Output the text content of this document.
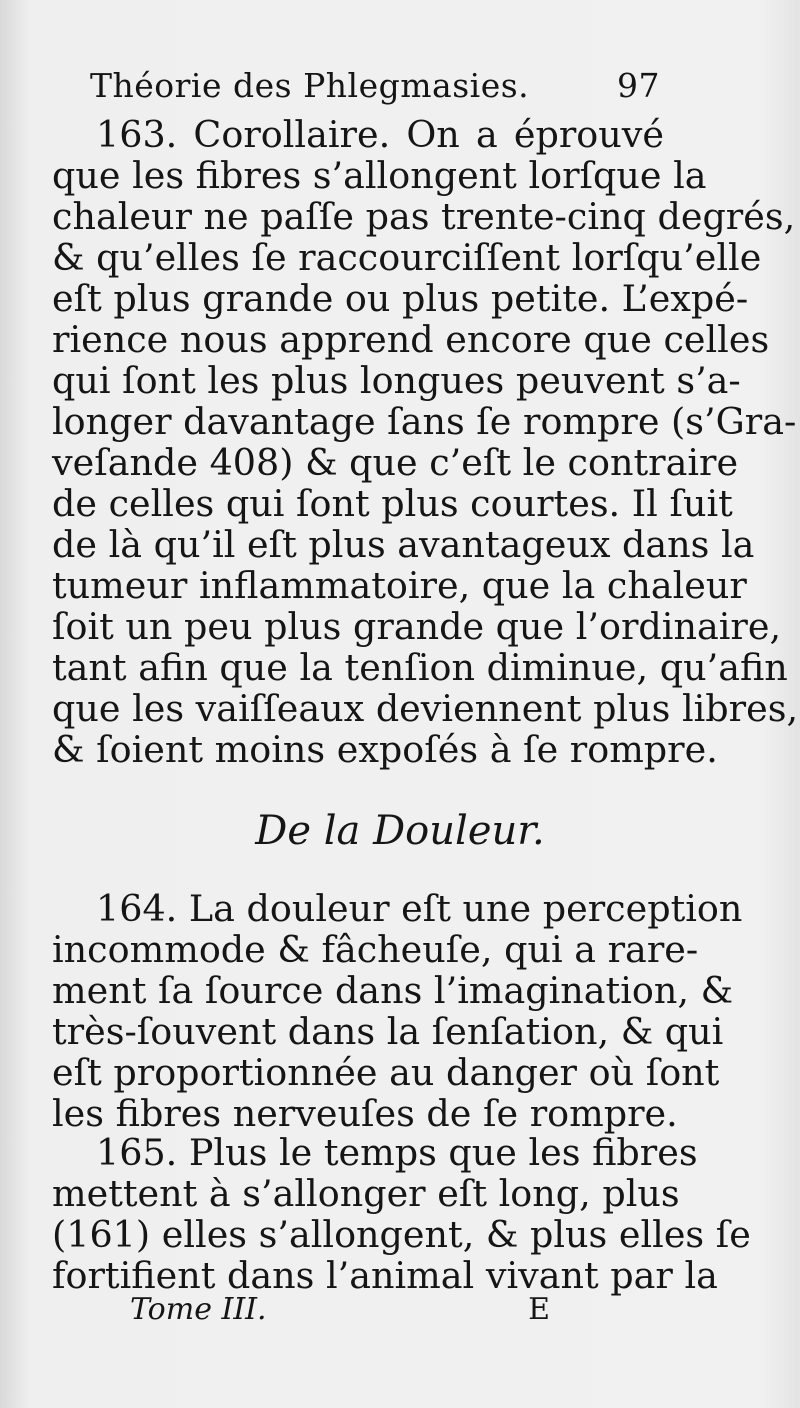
Théorie des Phlegmasies.	97
163. Corollaire. On a éprouvé
que les fibres s’allongent lorſque la
chaleur ne paſſe pas trente-cinq degrés,
& qu’elles ſe raccourciſſent lorſqu’elle
eſt plus grande ou plus petite. L’expé-
rience nous apprend encore que celles
qui ſont les plus longues peuvent s’a-
longer davantage ſans ſe rompre (s’Gra-
veſande 408) & que c’eſt le contraire
de celles qui ſont plus courtes. Il ſuit
de là qu’il eſt plus avantageux dans la
tumeur inflammatoire, que la chaleur
ſoit un peu plus grande que l’ordinaire,
tant afin que la tenſion diminue, qu’afin
que les vaiſſeaux deviennent plus libres,
& ſoient moins expoſés à ſe rompre.
De la Douleur.
164. La douleur eſt une perception
incommode & fâcheuſe, qui a rare-
ment ſa ſource dans l’imagination, &
très-ſouvent dans la ſenſation, & qui
eſt proportionnée au danger où ſont
les fibres nerveuſes de ſe rompre.
165. Plus le temps que les fibres
mettent à s’allonger eſt long, plus
(161) elles s’allongent, & plus elles ſe
fortifient dans l’animal vivant par la
Tome III.	E
